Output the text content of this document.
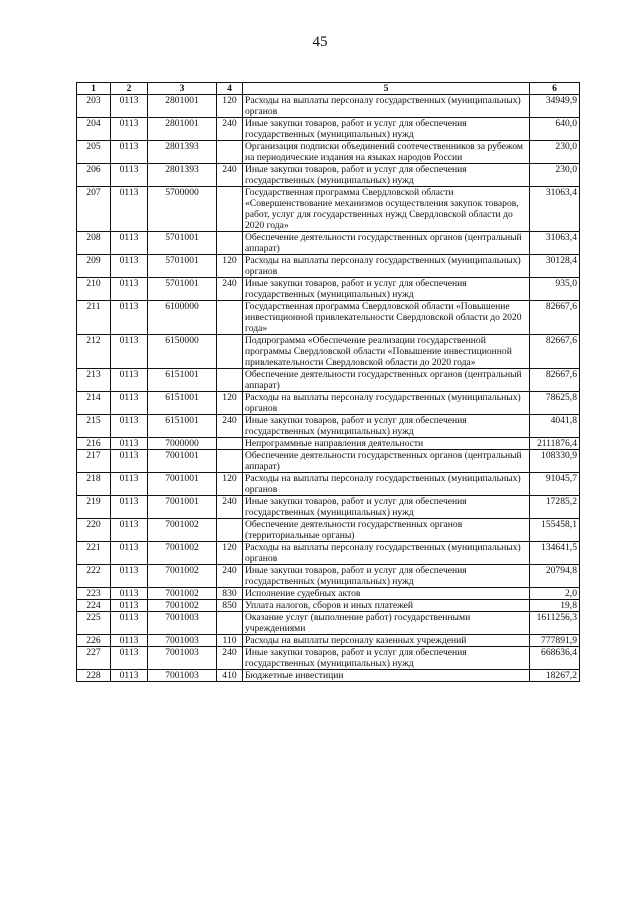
45
1	2	3	4	5	6
203	0113	2801001	120	Расходы на выплаты персоналу государственных (муниципальных) органов	34949,9
204	0113	2801001	240	Иные закупки товаров, работ и услуг для обеспечения государственных (муниципальных) нужд	640,0
205	0113	2801393		Организация подписки объединений соотечественников за рубежом на периодические издания на языках народов России	230,0
206	0113	2801393	240	Иные закупки товаров, работ и услуг для обеспечения государственных (муниципальных) нужд	230,0
207	0113	5700000		Государственная программа Свердловской области «Совершенствование механизмов осуществления закупок товаров, работ, услуг для государственных нужд Свердловской области до 2020 года»	31063,4
208	0113	5701001		Обеспечение деятельности государственных органов (центральный аппарат)	31063,4
209	0113	5701001	120	Расходы на выплаты персоналу государственных (муниципальных) органов	30128,4
210	0113	5701001	240	Иные закупки товаров, работ и услуг для обеспечения государственных (муниципальных) нужд	935,0
211	0113	6100000		Государственная программа Свердловской области «Повышение инвестиционной привлекательности Свердловской области до 2020 года»	82667,6
212	0113	6150000		Подпрограмма «Обеспечение реализации государственной программы Свердловской области «Повышение инвестиционной привлекательности Свердловской области до 2020 года»	82667,6
213	0113	6151001		Обеспечение деятельности государственных органов (центральный аппарат)	82667,6
214	0113	6151001	120	Расходы на выплаты персоналу государственных (муниципальных) органов	78625,8
215	0113	6151001	240	Иные закупки товаров, работ и услуг для обеспечения государственных (муниципальных) нужд	4041,8
216	0113	7000000		Непрограммные направления деятельности	2111876,4
217	0113	7001001		Обеспечение деятельности государственных органов (центральный аппарат)	108330,9
218	0113	7001001	120	Расходы на выплаты персоналу государственных (муниципальных) органов	91045,7
219	0113	7001001	240	Иные закупки товаров, работ и услуг для обеспечения государственных (муниципальных) нужд	17285,2
220	0113	7001002		Обеспечение деятельности государственных органов (территориальные органы)	155458,1
221	0113	7001002	120	Расходы на выплаты персоналу государственных (муниципальных) органов	134641,5
222	0113	7001002	240	Иные закупки товаров, работ и услуг для обеспечения государственных (муниципальных) нужд	20794,8
223	0113	7001002	830	Исполнение судебных актов	2,0
224	0113	7001002	850	Уплата налогов, сборов и иных платежей	19,8
225	0113	7001003		Оказание услуг (выполнение работ) государственными учреждениями	1611256,3
226	0113	7001003	110	Расходы на выплаты персоналу казенных учреждений	777891,9
227	0113	7001003	240	Иные закупки товаров, работ и услуг для обеспечения государственных (муниципальных) нужд	668636,4
228	0113	7001003	410	Бюджетные инвестиции	18267,2
